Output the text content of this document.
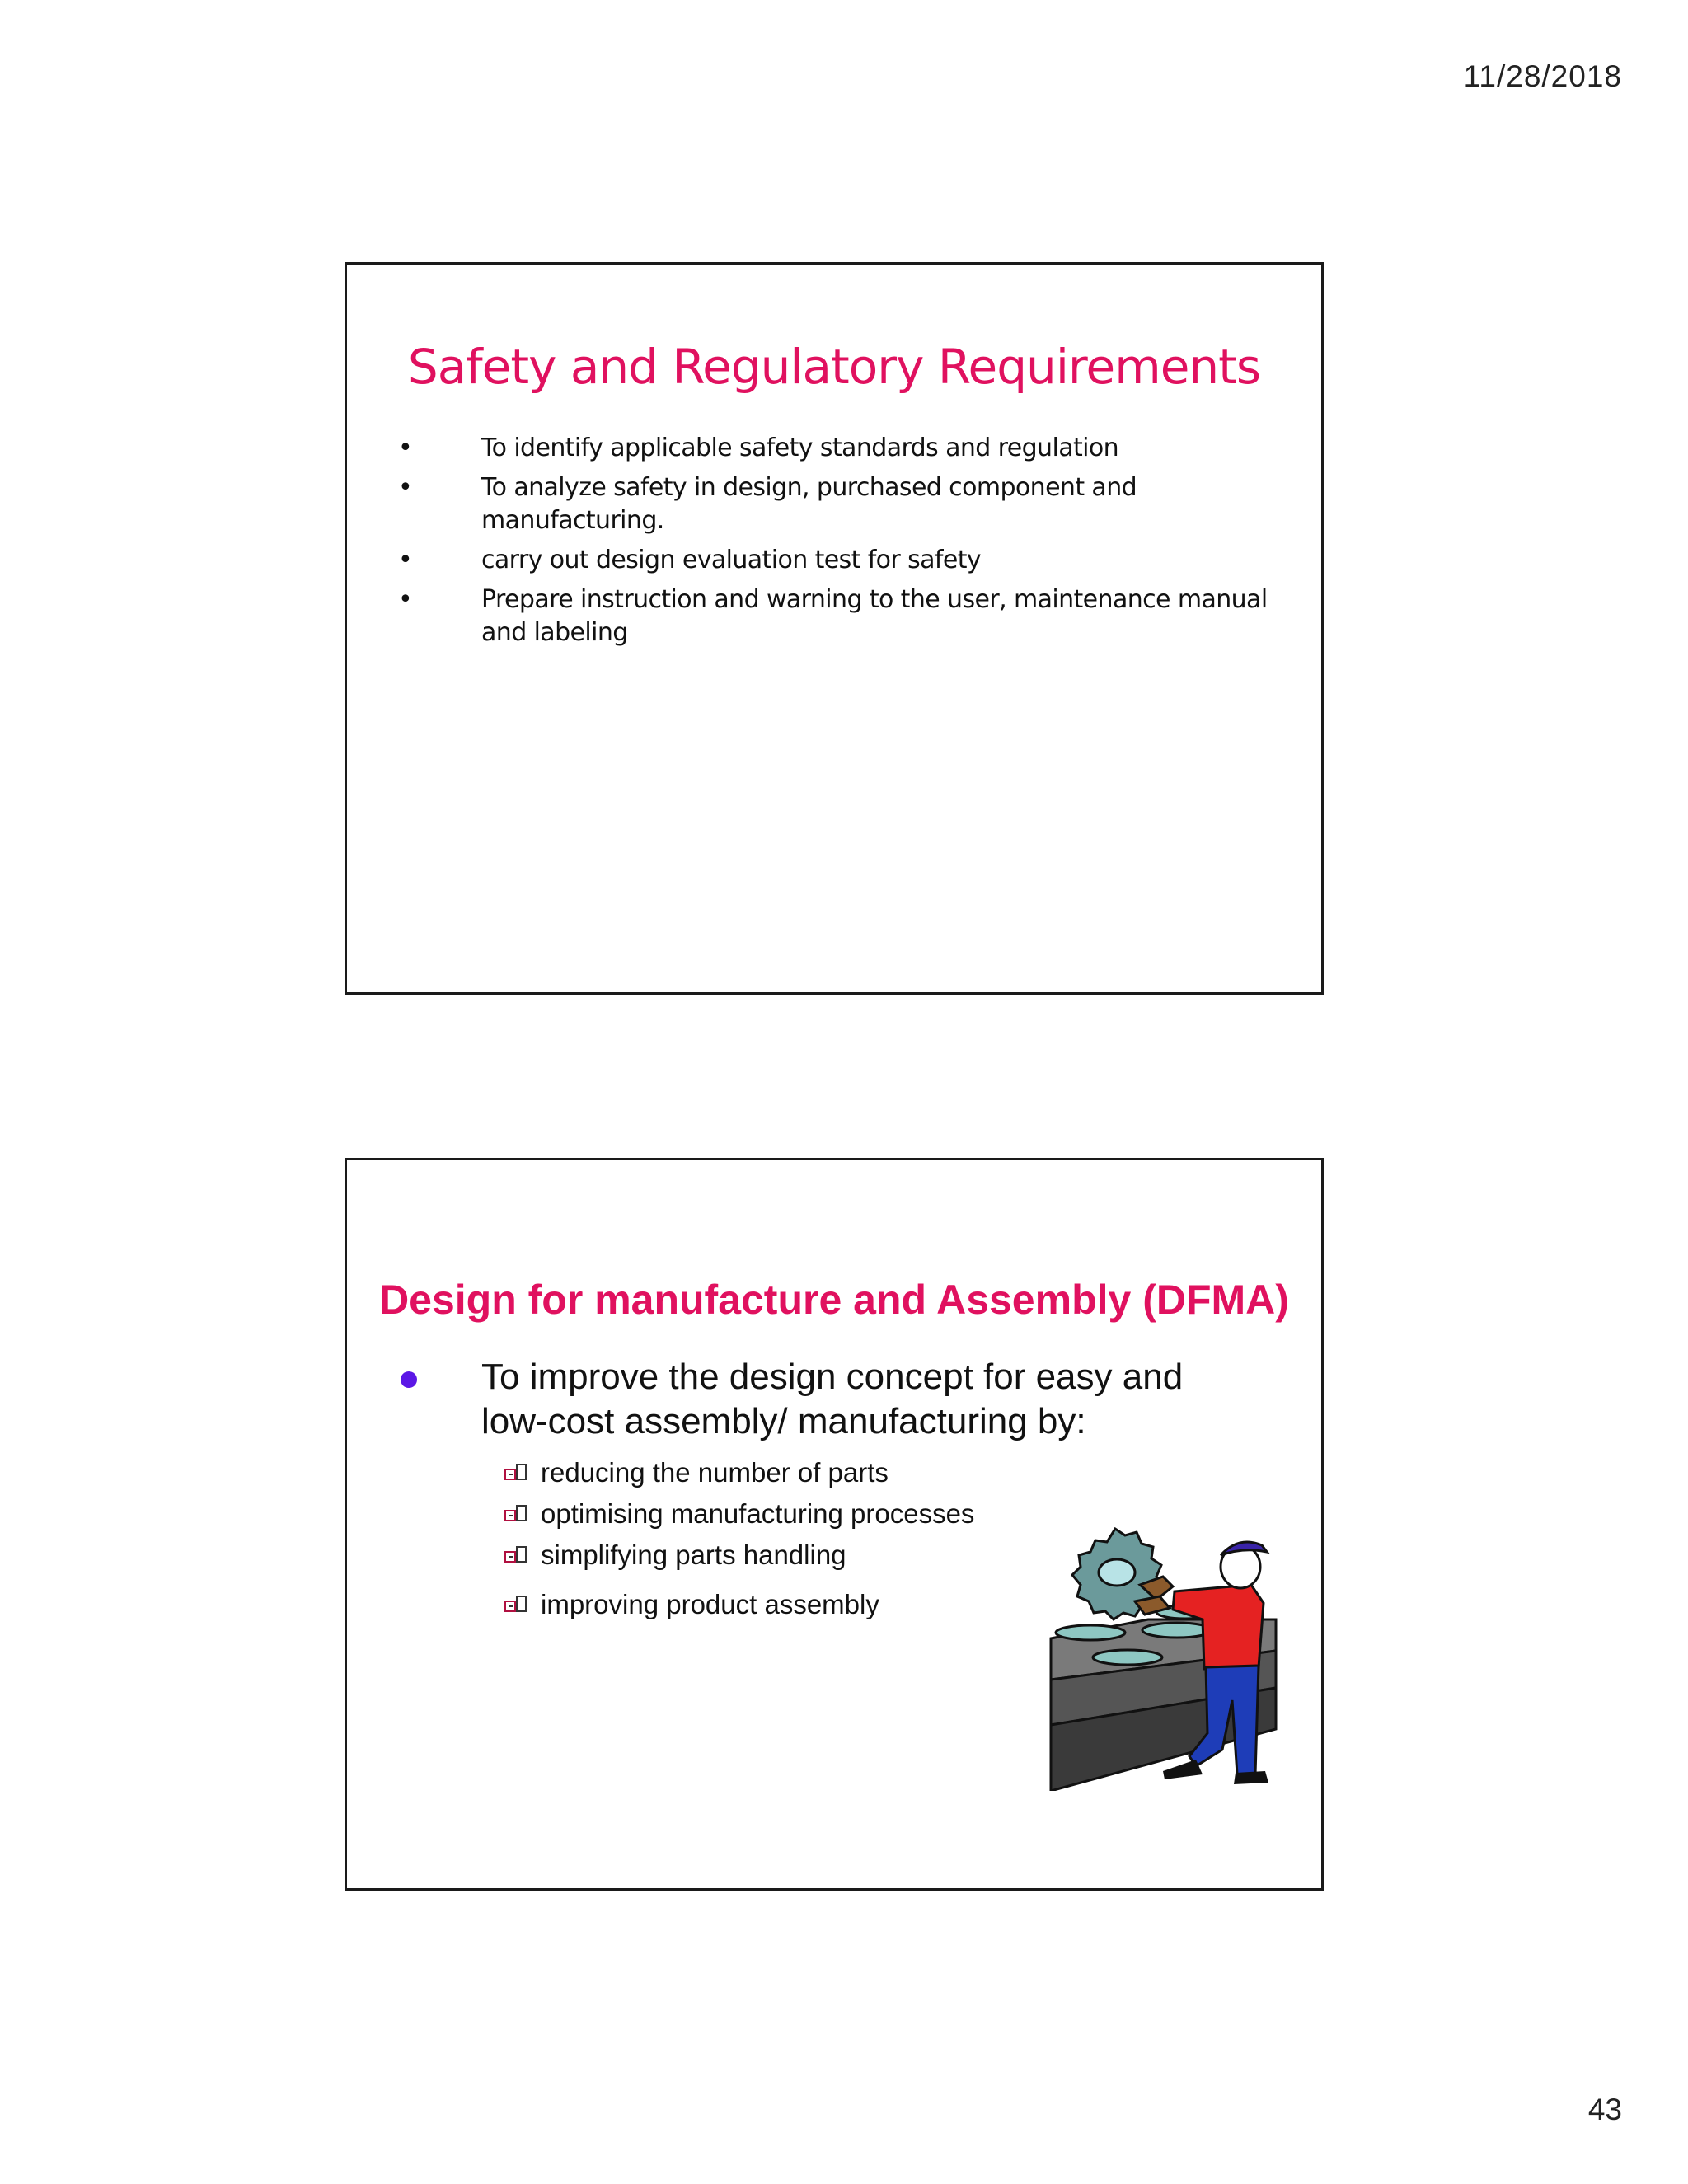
11/28/2018
Safety and Regulatory Requirements
•	To identify applicable safety standards and regulation
•	To analyze safety in design, purchased component and manufacturing.
•	carry out design evaluation test for safety
•	Prepare instruction and warning to the user, maintenance manual and labeling
Design for manufacture and Assembly (DFMA)
To improve the design concept for easy and low-cost assembly/ manufacturing by:
reducing the number of parts
optimising manufacturing processes
simplifying parts handling
improving product assembly
43
